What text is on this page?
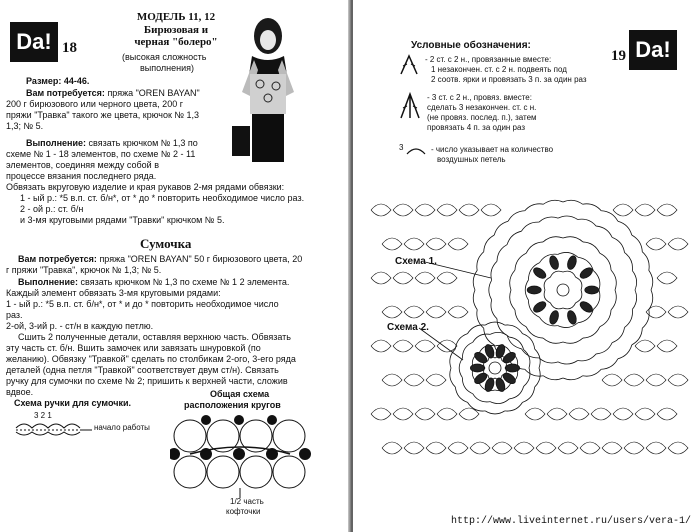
Da! 18
МОДЕЛЬ 11, 12
Бирюзовая и
черная "болеро"
(высокая сложность
выполнения)
Размер: 44-46.
Вам потребуется: пряжа "OREN BAYAN"
200 г бирюзового или черного цвета, 200 г
пряжи "Травка" такого же цвета, крючок № 1,3
1,3; № 5.
Выполнение: связать крючком № 1,3 по
схеме № 1 - 18 элементов, по схеме № 2 - 11
элементов, соединяя между собой в
процессе вязания последнего ряда.
Обвязать вкруговую изделие и края рукавов 2-мя рядами обвязки:
1 - ый р.: *5 в.п. ст. б/н*, от * до * повторить необходимое число раз.
2 - ой р.: ст. б/н
и 3-мя круговыми рядами "Травки" крючком № 5.
Сумочка
Вам потребуется: пряжа "OREN BAYAN" 50 г бирюзового цвета, 20
г пряжи "Травка", крючок № 1,3; № 5.
Выполнение: связать крючком № 1,3 по схеме № 1 2 элемента.
Каждый элемент обвязать 3-мя круговыми рядами:
1 - ый р.: *5 в.п. ст. б/н*, от * и до * повторить необходимое число
раз.
2-ой, 3-ий р. - ст/н в каждую петлю.
Сшить 2 полученные детали, оставляя верхнюю часть. Обвязать
эту часть ст. б/н. Вшить замочек или завязать шнуровкой (по
желанию). Обвязку "Травкой" сделать по столбикам 2-ого, 3-его ряда
деталей (одна петля "Травкой" соответствует двум ст/н). Связать
ручку для сумочки по схеме № 2; пришить к верхней части, сложив
вдвое.
Схема ручки для сумочки.
3 2 1
начало работы
Общая схема
расположения кругов
1/2 часть
кофточки
Условные обозначения:
- 2 ст. с 2 н., провязанные вместе:
1 незакончен. ст. с 2 н. подвеять под
2 соотв. ярки и провязать 3 п. за один раз
- 3 ст. с 2 н., провяз. вместе:
сделать 3 незакончен. ст. с н.
(не провяз. послед. п.), затем
провязать 4 п. за один раз
3	- число указывает на количество
воздушных петель
19 Da!
Схема 1.
Схема 2.
http://www.liveinternet.ru/users/vera-1/
